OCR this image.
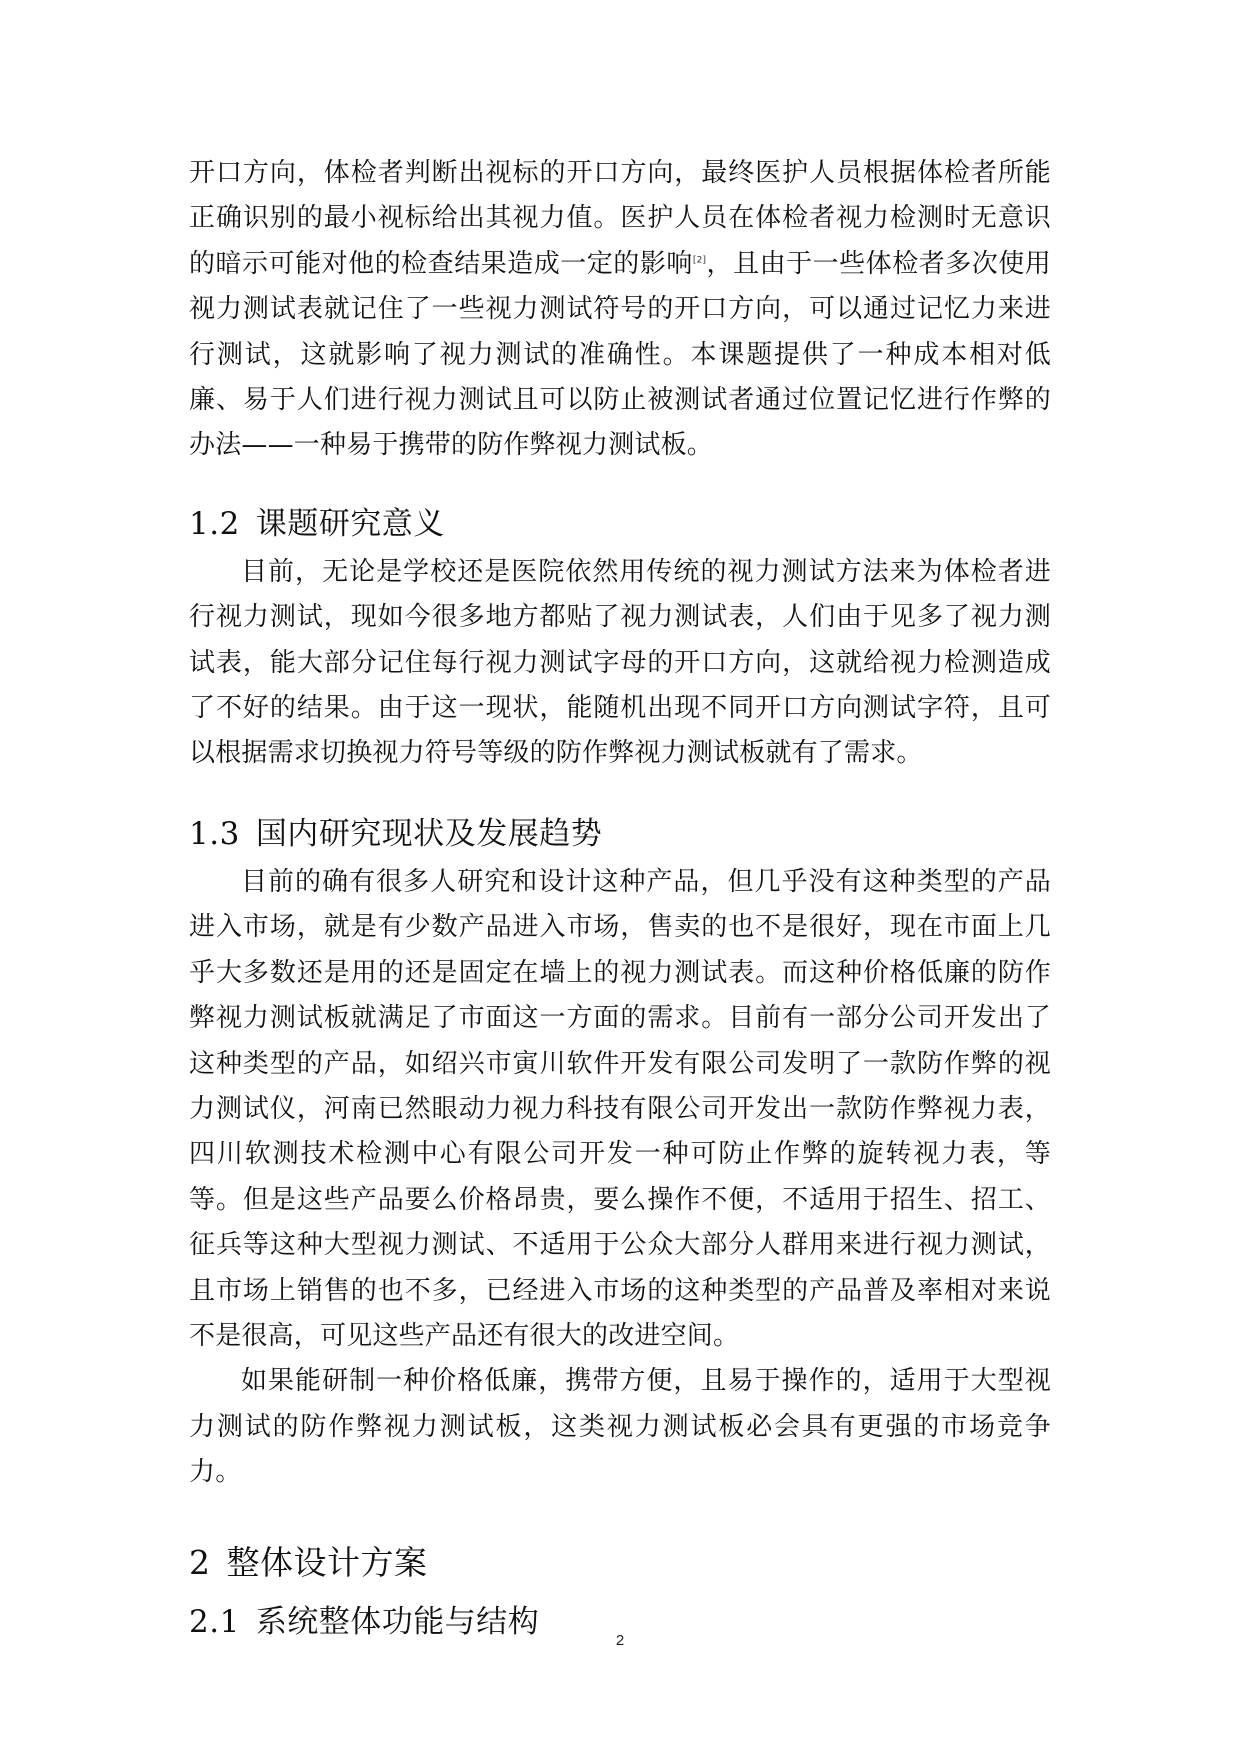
开口方向，体检者判断出视标的开口方向，最终医护人员根据体检者所能正确识别的最小视标给出其视力值。医护人员在体检者视力检测时无意识的暗示可能对他的检查结果造成一定的影响[2]，且由于一些体检者多次使用视力测试表就记住了一些视力测试符号的开口方向，可以通过记忆力来进行测试，这就影响了视力测试的准确性。本课题提供了一种成本相对低廉、易于人们进行视力测试且可以防止被测试者通过位置记忆进行作弊的办法——一种易于携带的防作弊视力测试板。

1.2 课题研究意义

目前，无论是学校还是医院依然用传统的视力测试方法来为体检者进行视力测试，现如今很多地方都贴了视力测试表，人们由于见多了视力测试表，能大部分记住每行视力测试字母的开口方向，这就给视力检测造成了不好的结果。由于这一现状，能随机出现不同开口方向测试字符，且可以根据需求切换视力符号等级的防作弊视力测试板就有了需求。

1.3 国内研究现状及发展趋势

目前的确有很多人研究和设计这种产品，但几乎没有这种类型的产品进入市场，就是有少数产品进入市场，售卖的也不是很好，现在市面上几乎大多数还是用的还是固定在墙上的视力测试表。而这种价格低廉的防作弊视力测试板就满足了市面这一方面的需求。目前有一部分公司开发出了这种类型的产品，如绍兴市寅川软件开发有限公司发明了一款防作弊的视力测试仪，河南已然眼动力视力科技有限公司开发出一款防作弊视力表，四川软测技术检测中心有限公司开发一种可防止作弊的旋转视力表，等等。但是这些产品要么价格昂贵，要么操作不便，不适用于招生、招工、征兵等这种大型视力测试、不适用于公众大部分人群用来进行视力测试，且市场上销售的也不多，已经进入市场的这种类型的产品普及率相对来说不是很高，可见这些产品还有很大的改进空间。

如果能研制一种价格低廉，携带方便，且易于操作的，适用于大型视力测试的防作弊视力测试板，这类视力测试板必会具有更强的市场竞争力。

2 整体设计方案
2.1 系统整体功能与结构
2
